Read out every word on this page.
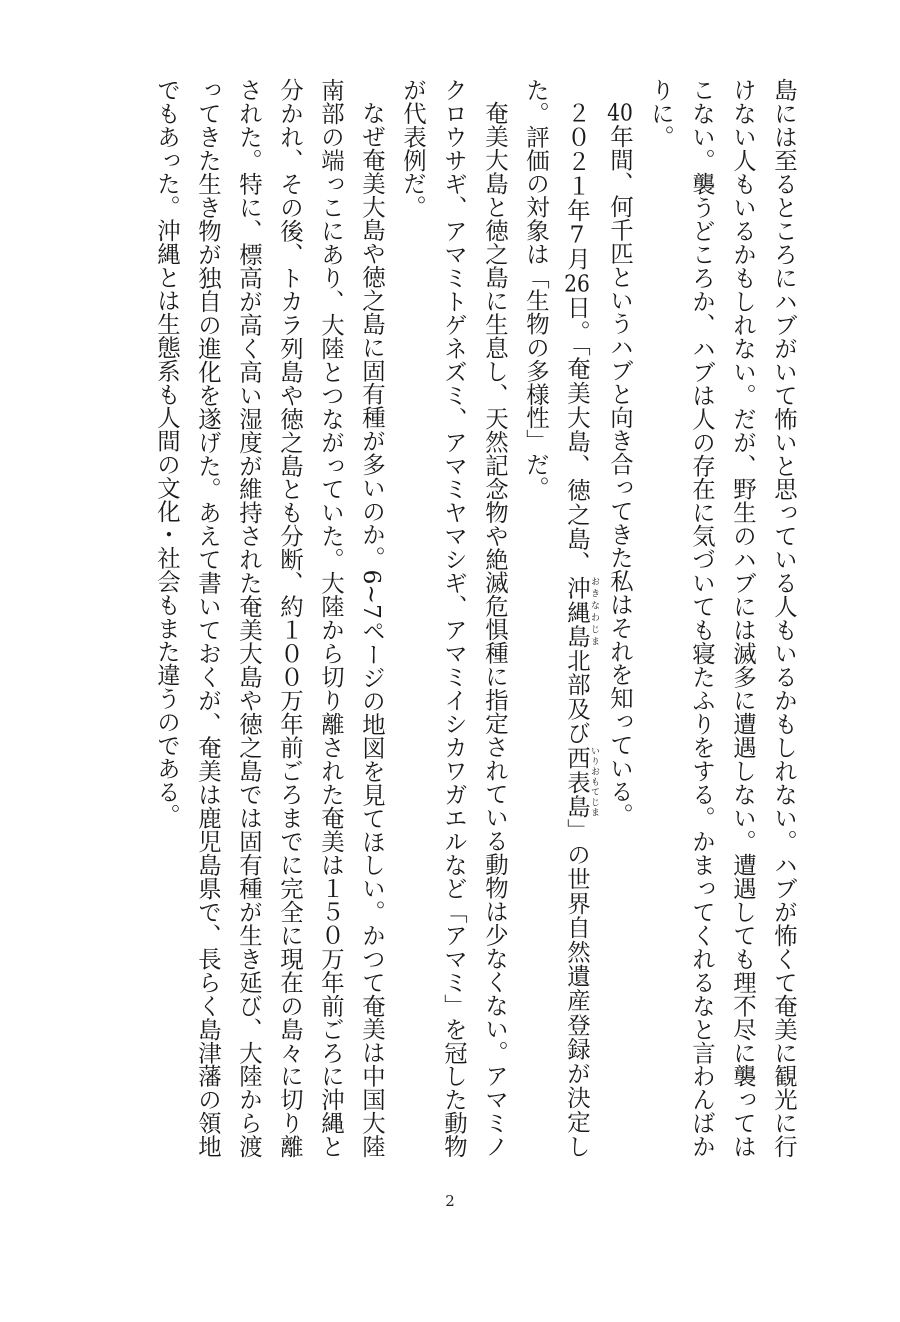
島には至るところにハブがいて怖いと思っている人もいるかもしれない。ハブが怖くて奄美に観光に行けない人もいるかもしれない。だが、野生のハブには滅多に遭遇しない。遭遇しても理不尽に襲ってはこない。襲うどころか、ハブは人の存在に気づいても寝たふりをする。かまってくれるなと言わんばかりに。

40年間、何千匹というハブと向き合ってきた私はそれを知っている。

２０２１年7月26日。「奄美大島、徳之島、沖縄島おきなわじま北部及び西表島いりおもてじま」の世界自然遺産登録が決定した。評価の対象は「生物の多様性」だ。

奄美大島と徳之島に生息し、天然記念物や絶滅危惧種に指定されている動物は少なくない。アマミノクロウサギ、アマミトゲネズミ、アマミヤマシギ、アマミイシカワガエルなど「アマミ」を冠した動物が代表例だ。

なぜ奄美大島や徳之島に固有種が多いのか。6~7ページの地図を見てほしい。かつて奄美は中国大陸南部の端っこにあり、大陸とつながっていた。大陸から切り離された奄美は１５０万年前ごろに沖縄と分かれ、その後、トカラ列島や徳之島とも分断、約１００万年前ごろまでに完全に現在の島々に切り離された。特に、標高が高く高い湿度が維持された奄美大島や徳之島では固有種が生き延び、大陸から渡ってきた生き物が独自の進化を遂げた。あえて書いておくが、奄美は鹿児島県で、長らく島津藩の領地でもあった。沖縄とは生態系も人間の文化・社会もまた違うのである。

2
